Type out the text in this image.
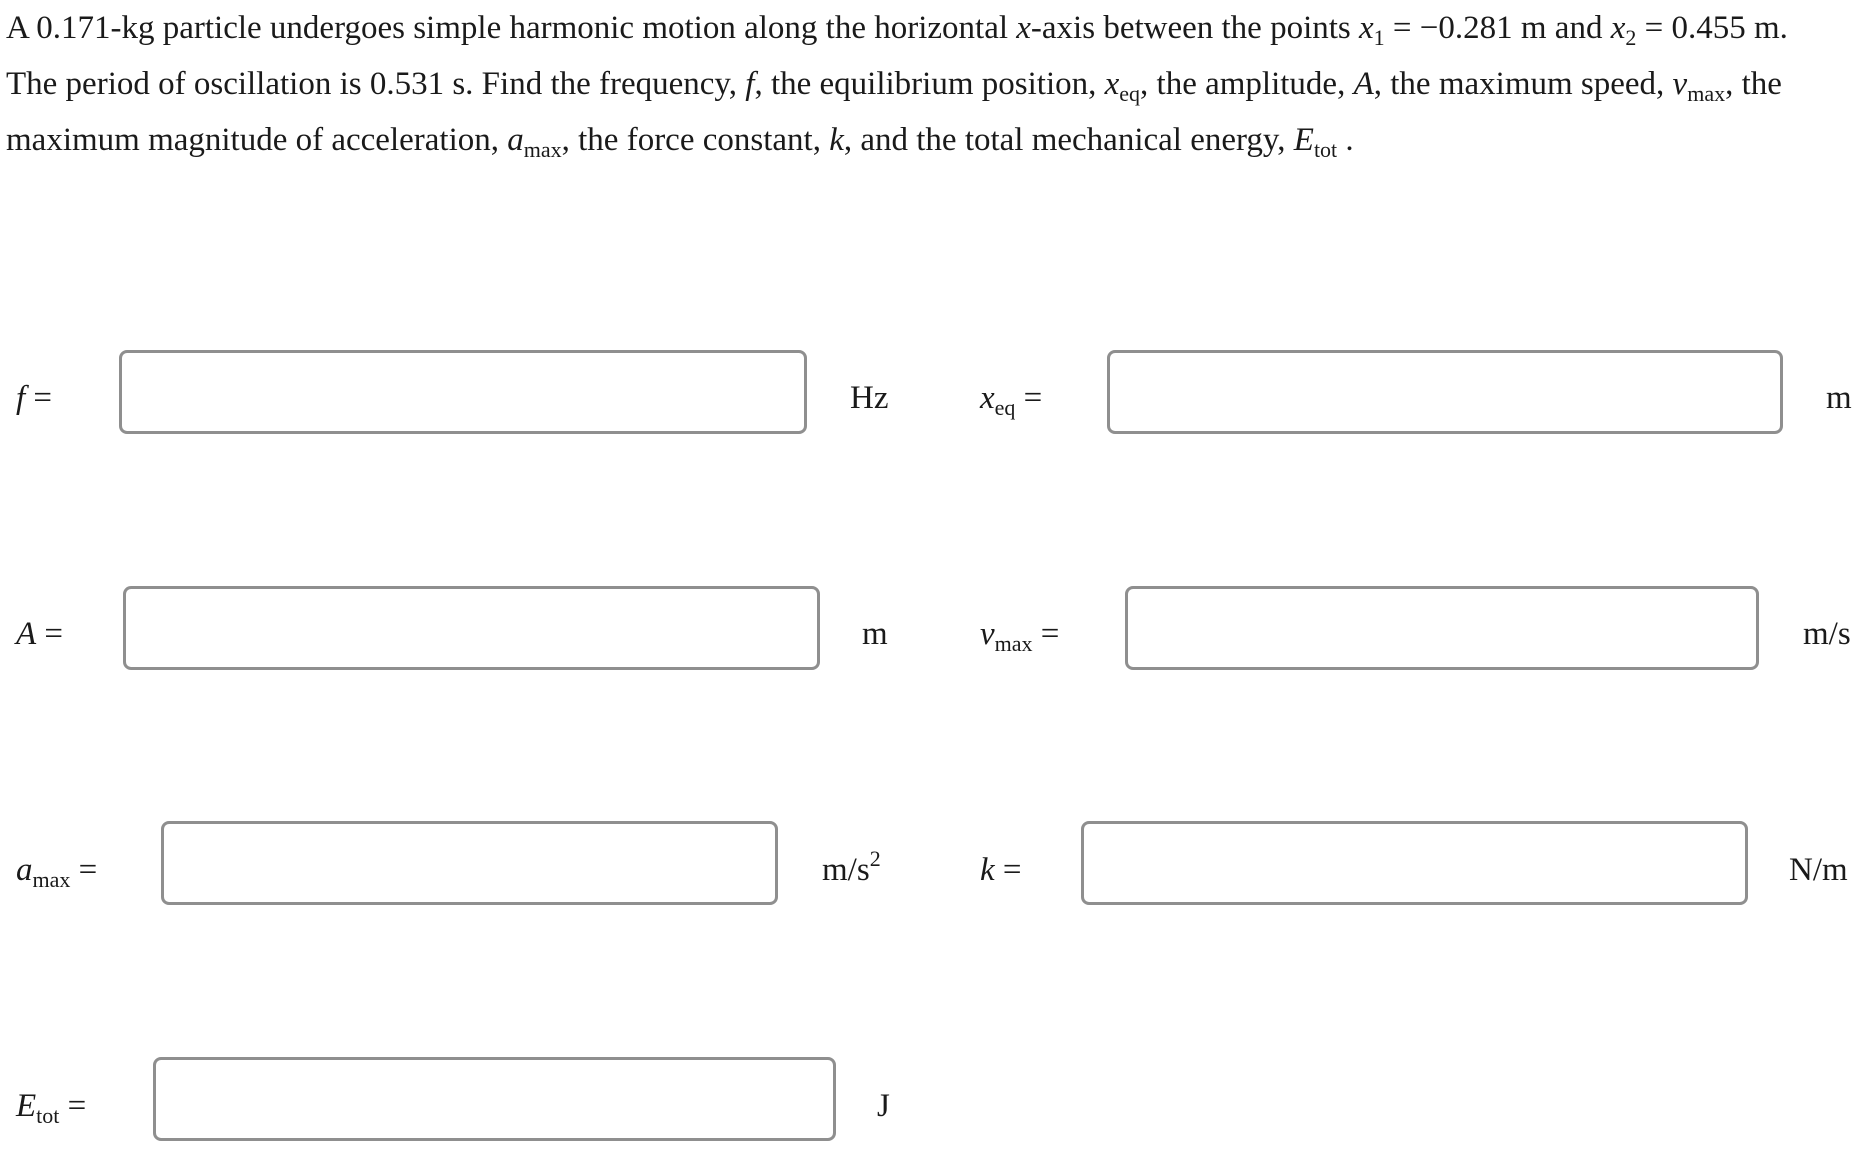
A 0.171-kg particle undergoes simple harmonic motion along the horizontal x-axis between the points $x_1 = -0.281$ m and $x_2 = 0.455$ m. The period of oscillation is 0.531 s. Find the frequency, f, the equilibrium position, $x_{eq}$, the amplitude, A, the maximum speed, $v_{max}$, the maximum magnitude of acceleration, $a_{max}$, the force constant, k, and the total mechanical energy, $E_{tot}$ .

f =	Hz	$x_{eq}$ =	m
A =	m	$v_{max}$ =	m/s
$a_{max}$ =	$m/s^2$	k =	N/m
$E_{tot}$ =	J
